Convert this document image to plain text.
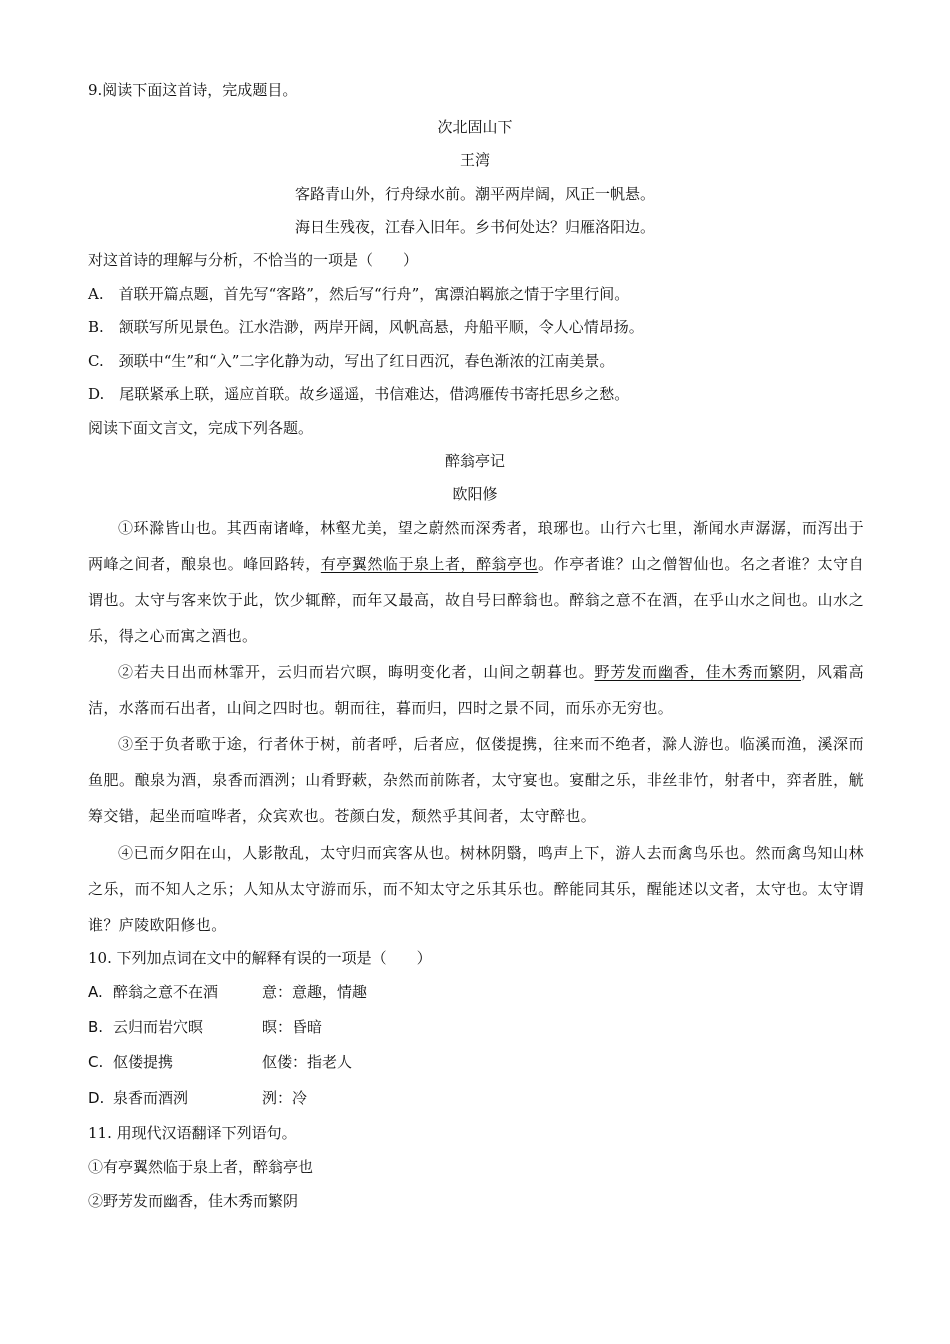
9.阅读下面这首诗，完成题目。
次北固山下
王湾
客路青山外，行舟绿水前。潮平两岸阔，风正一帆悬。
海日生残夜，江春入旧年。乡书何处达？归雁洛阳边。
对这首诗的理解与分析，不恰当的一项是（　　）
A.　首联开篇点题，首先写“客路”，然后写“行舟”，寓漂泊羁旅之情于字里行间。
B.　颔联写所见景色。江水浩渺，两岸开阔，风帆高悬，舟船平顺，令人心情昂扬。
C.　颈联中“生”和“入”二字化静为动，写出了红日西沉，春色渐浓的江南美景。
D.　尾联紧承上联，遥应首联。故乡遥遥，书信难达，借鸿雁传书寄托思乡之愁。
阅读下面文言文，完成下列各题。
醉翁亭记
欧阳修
①环滁皆山也。其西南诸峰，林壑尤美，望之蔚然而深秀者，琅琊也。山行六七里，渐闻水声潺潺，而泻出于两峰之间者，酿泉也。峰回路转，有亭翼然临于泉上者，醉翁亭也。作亭者谁？山之僧智仙也。名之者谁？太守自谓也。太守与客来饮于此，饮少辄醉，而年又最高，故自号曰醉翁也。醉翁之意不在酒，在乎山水之间也。山水之乐，得之心而寓之酒也。
②若夫日出而林霏开，云归而岩穴暝，晦明变化者，山间之朝暮也。野芳发而幽香，佳木秀而繁阴，风霜高洁，水落而石出者，山间之四时也。朝而往，暮而归，四时之景不同，而乐亦无穷也。
③至于负者歌于途，行者休于树，前者呼，后者应，伛偻提携，往来而不绝者，滁人游也。临溪而渔，溪深而鱼肥。酿泉为酒，泉香而酒洌；山肴野蔌，杂然而前陈者，太守宴也。宴酣之乐，非丝非竹，射者中，弈者胜，觥筹交错，起坐而喧哗者，众宾欢也。苍颜白发，颓然乎其间者，太守醉也。
④已而夕阳在山，人影散乱，太守归而宾客从也。树林阴翳，鸣声上下，游人去而禽鸟乐也。然而禽鸟知山林之乐，而不知人之乐；人知从太守游而乐，而不知太守之乐其乐也。醉能同其乐，醒能述以文者，太守也。太守谓谁？庐陵欧阳修也。
10. 下列加点词在文中的解释有误的一项是（　　）
A. 醉翁之意不在酒	意：意趣，情趣
B. 云归而岩穴暝	暝：昏暗
C. 伛偻提携	伛偻：指老人
D. 泉香而酒洌	洌：冷
11. 用现代汉语翻译下列语句。
①有亭翼然临于泉上者，醉翁亭也
②野芳发而幽香，佳木秀而繁阴
